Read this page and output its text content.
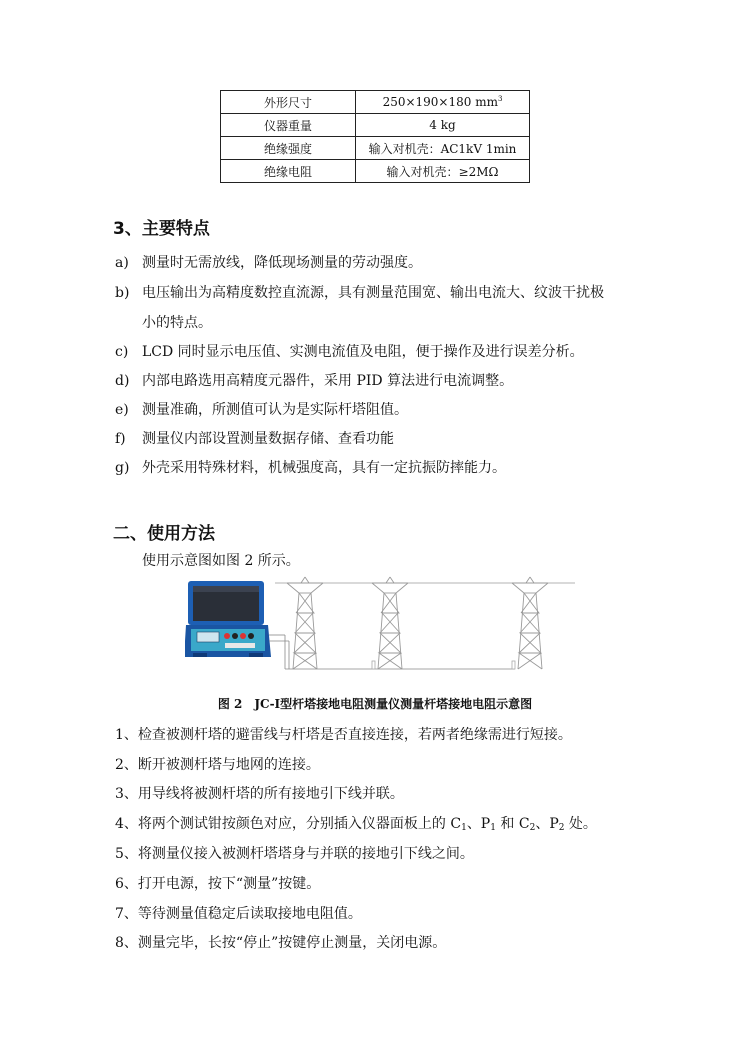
外形尺寸	250×190×180 $mm^3$
仪器重量	4 kg
绝缘强度	输入对机壳：AC1kV 1min
绝缘电阻	输入对机壳：≥2MΩ
3、主要特点
a) 测量时无需放线，降低现场测量的劳动强度。
b) 电压输出为高精度数控直流源，具有测量范围宽、输出电流大、纹波干扰极
小的特点。
c) LCD 同时显示电压值、实测电流值及电阻，便于操作及进行误差分析。
d) 内部电路选用高精度元器件，采用 PID 算法进行电流调整。
e) 测量准确，所测值可认为是实际杆塔阻值。
f) 测量仪内部设置测量数据存储、查看功能
g) 外壳采用特殊材料，机械强度高，具有一定抗振防摔能力。
二、使用方法
使用示意图如图 2 所示。
图 2　JC-Ⅰ型杆塔接地电阻测量仪测量杆塔接地电阻示意图
1、检查被测杆塔的避雷线与杆塔是否直接连接，若两者绝缘需进行短接。
2、断开被测杆塔与地网的连接。
3、用导线将被测杆塔的所有接地引下线并联。
4、将两个测试钳按颜色对应，分别插入仪器面板上的 $C_1$、$P_1$ 和 $C_2$、$P_2$ 处。
5、将测量仪接入被测杆塔塔身与并联的接地引下线之间。
6、打开电源，按下“测量”按键。
7、等待测量值稳定后读取接地电阻值。
8、测量完毕，长按“停止”按键停止测量，关闭电源。
